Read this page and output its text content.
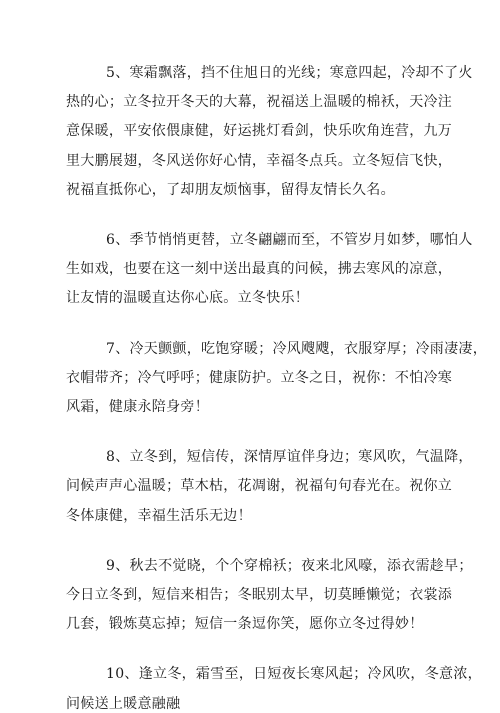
5、寒霜飘落，挡不住旭日的光线；寒意四起，冷却不了火
热的心；立冬拉开冬天的大幕，祝福送上温暖的棉袄，天冷注
意保暖，平安依偎康健，好运挑灯看剑，快乐吹角连营，九万
里大鹏展翅，冬风送你好心情，幸福冬点兵。立冬短信飞快，
祝福直抵你心，了却朋友烦恼事，留得友情长久名。
6、季节悄悄更替，立冬翩翩而至，不管岁月如梦，哪怕人
生如戏，也要在这一刻中送出最真的问候，拂去寒风的凉意，
让友情的温暖直达你心底。立冬快乐！
7、冷天颤颤，吃饱穿暖；冷风飕飕，衣服穿厚；冷雨凄凄，
衣帽带齐；冷气呼呼；健康防护。立冬之日，祝你：不怕冷寒
风霜，健康永陪身旁！
8、立冬到，短信传，深情厚谊伴身边；寒风吹，气温降，
问候声声心温暖；草木枯，花凋谢，祝福句句春光在。祝你立
冬体康健，幸福生活乐无边！
9、秋去不觉晓，个个穿棉袄；夜来北风嚎，添衣需趁早；
今日立冬到，短信来相告；冬眠别太早，切莫睡懒觉；衣裳添
几套，锻炼莫忘掉；短信一条逗你笑，愿你立冬过得妙！
10、逢立冬，霜雪至，日短夜长寒风起；冷风吹，冬意浓，
问候送上暖意融融
